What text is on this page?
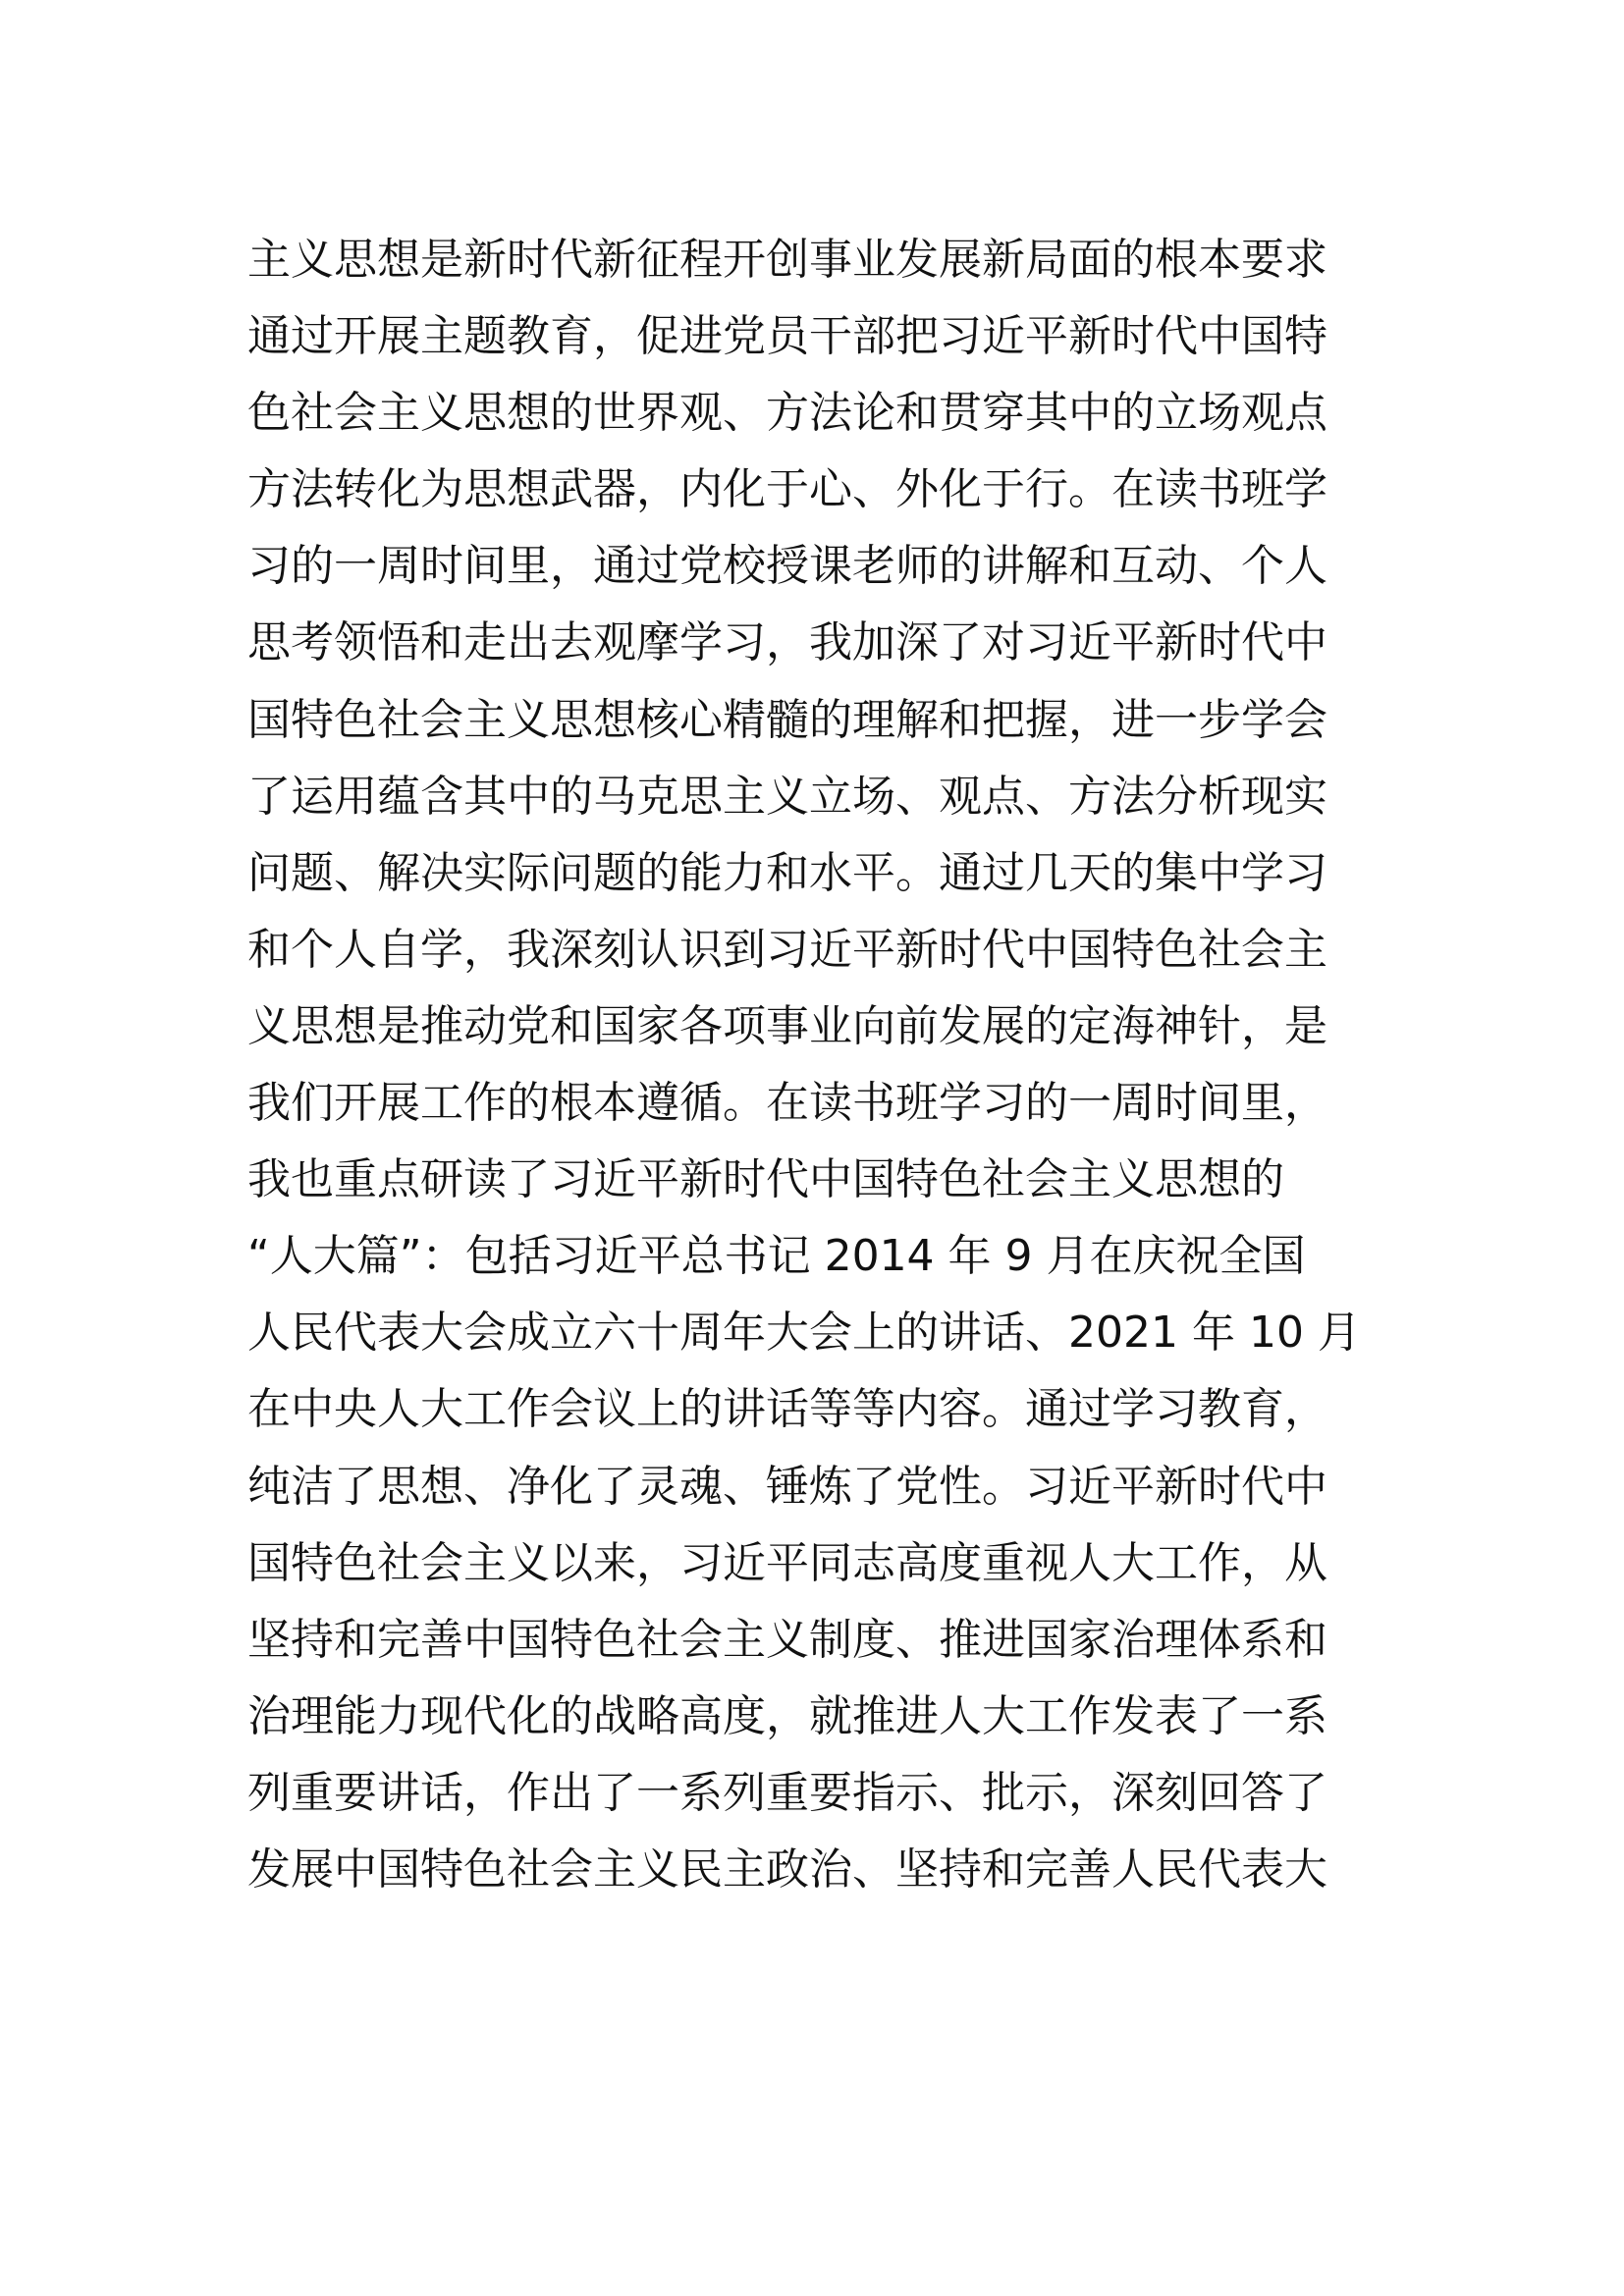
主义思想是新时代新征程开创事业发展新局面的根本要求
通过开展主题教育，促进党员干部把习近平新时代中国特
色社会主义思想的世界观、方法论和贯穿其中的立场观点
方法转化为思想武器，内化于心、外化于行。在读书班学
习的一周时间里，通过党校授课老师的讲解和互动、个人
思考领悟和走出去观摩学习，我加深了对习近平新时代中
国特色社会主义思想核心精髓的理解和把握，进一步学会
了运用蕴含其中的马克思主义立场、观点、方法分析现实
问题、解决实际问题的能力和水平。通过几天的集中学习
和个人自学，我深刻认识到习近平新时代中国特色社会主
义思想是推动党和国家各项事业向前发展的定海神针，是
我们开展工作的根本遵循。在读书班学习的一周时间里，
我也重点研读了习近平新时代中国特色社会主义思想的
“人大篇”：包括习近平总书记 2014 年 9 月在庆祝全国
人民代表大会成立六十周年大会上的讲话、2021 年 10 月
在中央人大工作会议上的讲话等等内容。通过学习教育，
纯洁了思想、净化了灵魂、锤炼了党性。习近平新时代中
国特色社会主义以来，习近平同志高度重视人大工作，从
坚持和完善中国特色社会主义制度、推进国家治理体系和
治理能力现代化的战略高度，就推进人大工作发表了一系
列重要讲话，作出了一系列重要指示、批示，深刻回答了
发展中国特色社会主义民主政治、坚持和完善人民代表大
